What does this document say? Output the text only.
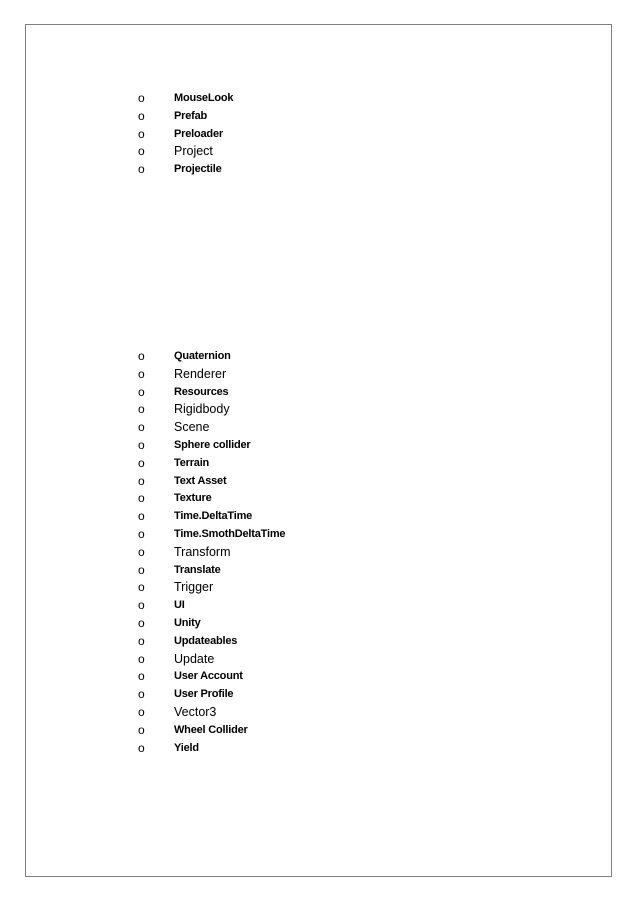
o	MouseLook
o	Prefab
o	Preloader
o Project
o	Projectile
o	Quaternion
o Renderer
o	Resources
o Rigidbody
o Scene
o	Sphere collider
o	Terrain
o	Text Asset
o	Texture
o	Time.DeltaTime
o	Time.SmothDeltaTime
o Transform
o	Translate
o Trigger
o	UI
o	Unity
o	Updateables
o Update
o	User Account
o	User Profile
o Vector3
o	Wheel Collider
o	Yield
